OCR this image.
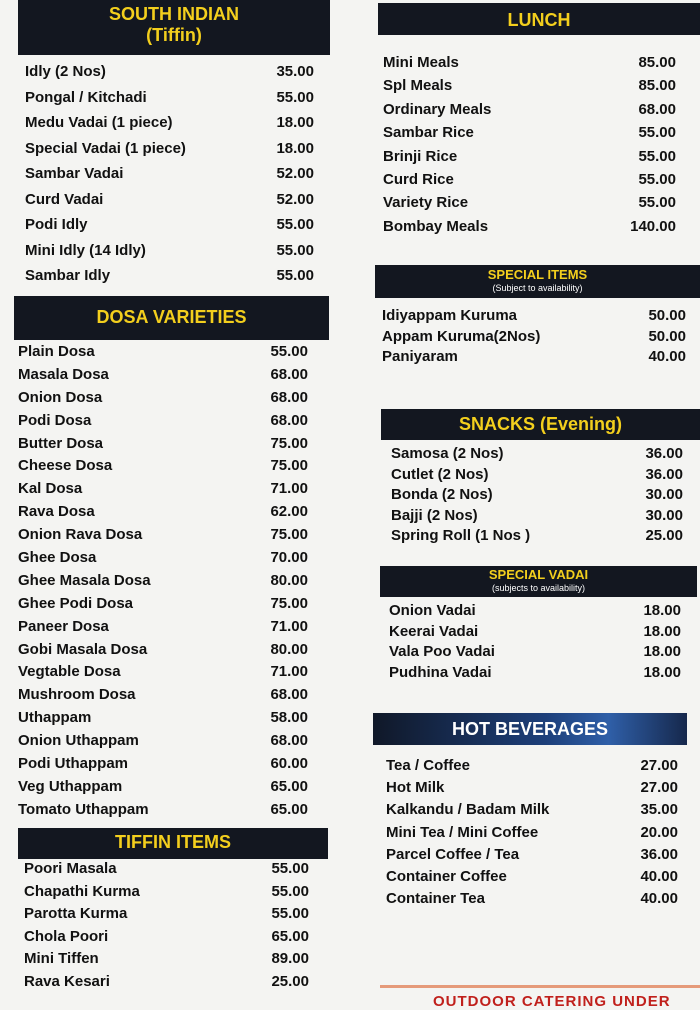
SOUTH INDIAN
(Tiffin)
Idly (2 Nos)	35.00
Pongal / Kitchadi	55.00
Medu Vadai (1 piece)	18.00
Special Vadai (1 piece)	18.00
Sambar Vadai	52.00
Curd Vadai	52.00
Podi Idly	55.00
Mini Idly (14 Idly)	55.00
Sambar Idly	55.00
DOSA VARIETIES
Plain Dosa	55.00
Masala Dosa	68.00
Onion Dosa	68.00
Podi Dosa	68.00
Butter Dosa	75.00
Cheese Dosa	75.00
Kal Dosa	71.00
Rava Dosa	62.00
Onion Rava Dosa	75.00
Ghee Dosa	70.00
Ghee Masala Dosa	80.00
Ghee Podi Dosa	75.00
Paneer Dosa	71.00
Gobi Masala Dosa	80.00
Vegtable Dosa	71.00
Mushroom Dosa	68.00
Uthappam	58.00
Onion Uthappam	68.00
Podi Uthappam	60.00
Veg Uthappam	65.00
Tomato Uthappam	65.00
TIFFIN ITEMS
Poori Masala	55.00
Chapathi Kurma	55.00
Parotta Kurma	55.00
Chola Poori	65.00
Mini Tiffen	89.00
Rava Kesari	25.00
LUNCH
Mini Meals	85.00
Spl Meals	85.00
Ordinary Meals	68.00
Sambar Rice	55.00
Brinji Rice	55.00
Curd Rice	55.00
Variety Rice	55.00
Bombay Meals	140.00
SPECIAL ITEMS

(Subject to availability)
Idiyappam Kuruma	50.00
Appam Kuruma(2Nos)	50.00
Paniyaram	40.00
SNACKS (Evening)
Samosa (2 Nos)	36.00
Cutlet (2 Nos)	36.00
Bonda (2 Nos)	30.00
Bajji (2 Nos)	30.00
Spring Roll (1 Nos )	25.00
SPECIAL VADAI

(subjects to availability)
Onion Vadai	18.00
Keerai Vadai	18.00
Vala Poo Vadai	18.00
Pudhina Vadai	18.00
HOT BEVERAGES
Tea / Coffee	27.00
Hot Milk	27.00
Kalkandu / Badam Milk	35.00
Mini Tea / Mini Coffee	20.00
Parcel Coffee / Tea	36.00
Container Coffee	40.00
Container Tea	40.00
OUTDOOR CATERING UNDER
